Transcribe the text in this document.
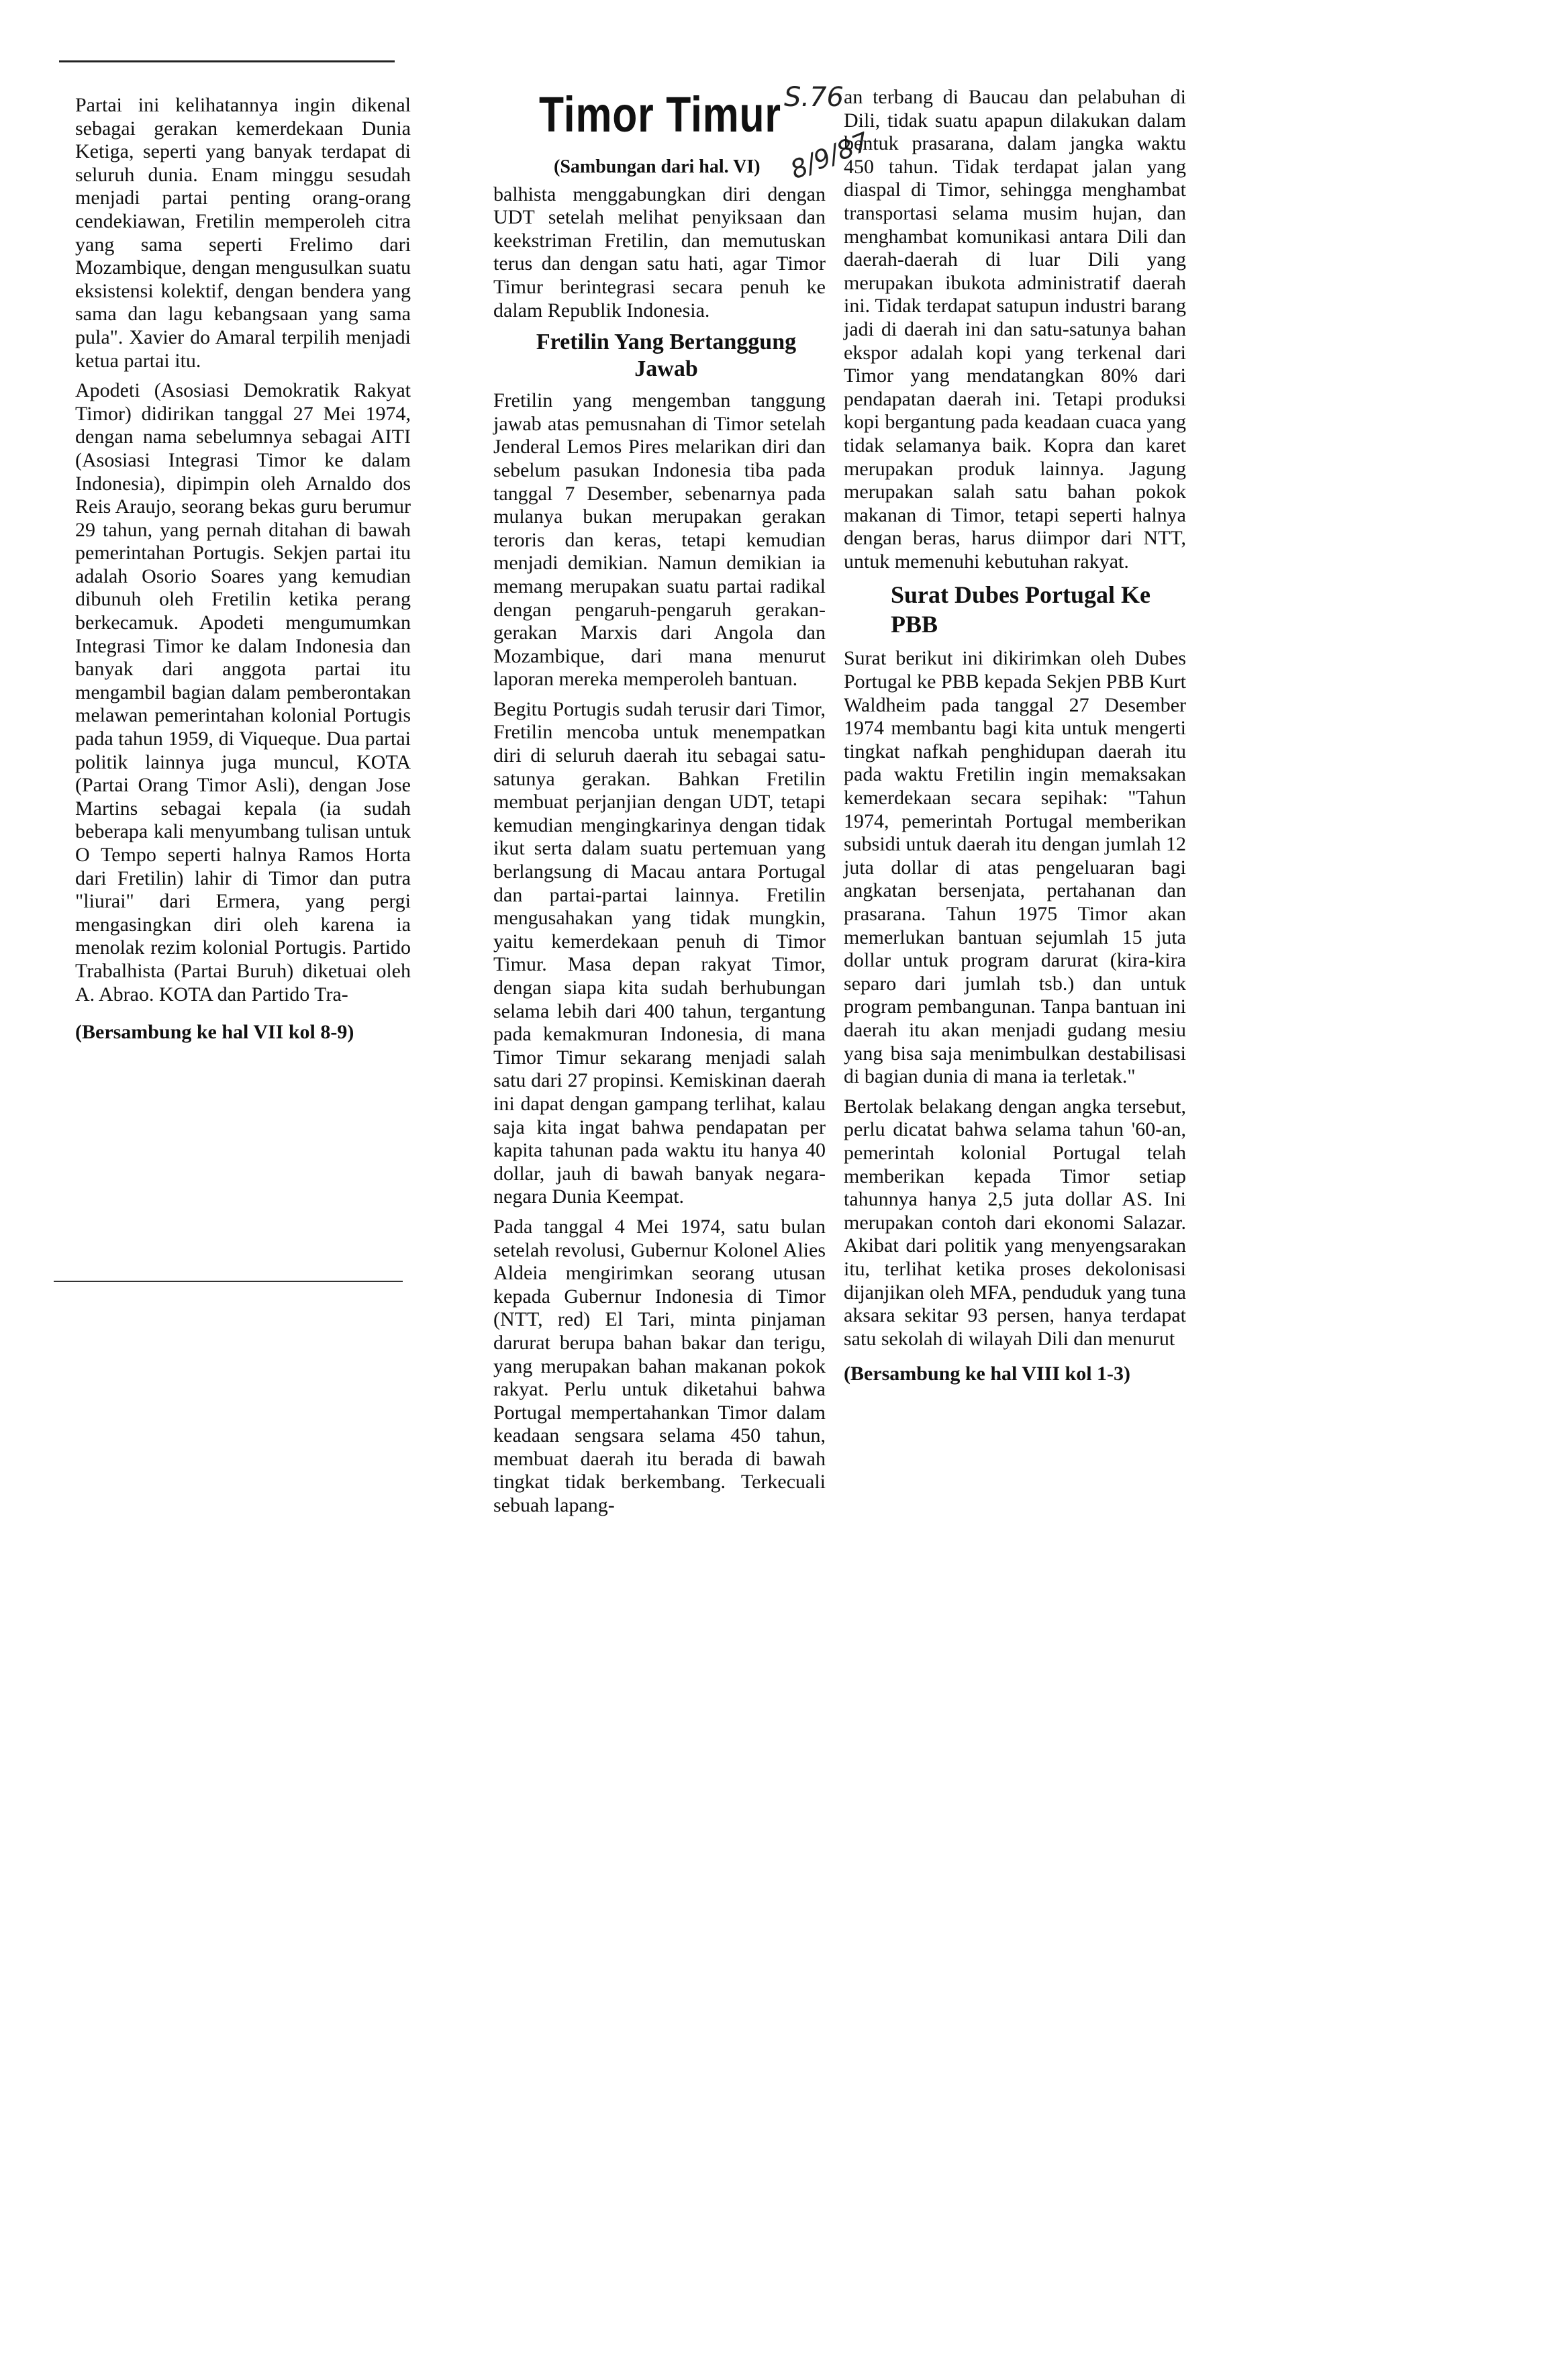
Partai ini kelihatannya ingin dikenal sebagai gerakan kemerdekaan Dunia Ketiga, seperti yang banyak terdapat di seluruh dunia. Enam minggu sesudah menjadi partai penting orang-orang cendekiawan, Fretilin memperoleh citra yang sama seperti Frelimo dari Mozambique, dengan mengusulkan suatu eksistensi kolektif, dengan bendera yang sama dan lagu kebangsaan yang sama pula". Xavier do Amaral terpilih menjadi ketua partai itu.

Apodeti (Asosiasi Demokratik Rakyat Timor) didirikan tanggal 27 Mei 1974, dengan nama sebelumnya sebagai AITI (Asosiasi Integrasi Timor ke dalam Indonesia), dipimpin oleh Arnaldo dos Reis Araujo, seorang bekas guru berumur 29 tahun, yang pernah ditahan di bawah pemerintahan Portugis. Sekjen partai itu adalah Osorio Soares yang kemudian dibunuh oleh Fretilin ketika perang berkecamuk. Apodeti mengumumkan Integrasi Timor ke dalam Indonesia dan banyak dari anggota partai itu mengambil bagian dalam pemberontakan melawan pemerintahan kolonial Portugis pada tahun 1959, di Viqueque. Dua partai politik lainnya juga muncul, KOTA (Partai Orang Timor Asli), dengan Jose Martins sebagai kepala (ia sudah beberapa kali menyumbang tulisan untuk O Tempo seperti halnya Ramos Horta dari Fretilin) lahir di Timor dan putra "liurai" dari Ermera, yang pergi mengasingkan diri oleh karena ia menolak rezim kolonial Portugis. Partido Trabalhista (Partai Buruh) diketuai oleh A. Abrao. KOTA dan Partido Tra-

(Bersambung ke hal VII kol 8-9)

Timor Timur S.76
8/9/87
(Sambungan dari hal. VI)

balhista menggabungkan diri dengan UDT setelah melihat penyiksaan dan keekstriman Fretilin, dan memutuskan terus dan dengan satu hati, agar Timor Timur berintegrasi secara penuh ke dalam Republik Indonesia.

Fretilin Yang Bertanggung Jawab

Fretilin yang mengemban tanggung jawab atas pemusnahan di Timor setelah Jenderal Lemos Pires melarikan diri dan sebelum pasukan Indonesia tiba pada tanggal 7 Desember, sebenarnya pada mulanya bukan merupakan gerakan teroris dan keras, tetapi kemudian menjadi demikian. Namun demikian ia memang merupakan suatu partai radikal dengan pengaruh-pengaruh gerakan-gerakan Marxis dari Angola dan Mozambique, dari mana menurut laporan mereka memperoleh bantuan.

Begitu Portugis sudah terusir dari Timor, Fretilin mencoba untuk menempatkan diri di seluruh daerah itu sebagai satu-satunya gerakan. Bahkan Fretilin membuat perjanjian dengan UDT, tetapi kemudian mengingkarinya dengan tidak ikut serta dalam suatu pertemuan yang berlangsung di Macau antara Portugal dan partai-partai lainnya. Fretilin mengusahakan yang tidak mungkin, yaitu kemerdekaan penuh di Timor Timur. Masa depan rakyat Timor, dengan siapa kita sudah berhubungan selama lebih dari 400 tahun, tergantung pada kemakmuran Indonesia, di mana Timor Timur sekarang menjadi salah satu dari 27 propinsi. Kemiskinan daerah ini dapat dengan gampang terlihat, kalau saja kita ingat bahwa pendapatan per kapita tahunan pada waktu itu hanya 40 dollar, jauh di bawah banyak negara-negara Dunia Keempat.

Pada tanggal 4 Mei 1974, satu bulan setelah revolusi, Gubernur Kolonel Alies Aldeia mengirimkan seorang utusan kepada Gubernur Indonesia di Timor (NTT, red) El Tari, minta pinjaman darurat berupa bahan bakar dan terigu, yang merupakan bahan makanan pokok rakyat. Perlu untuk diketahui bahwa Portugal mempertahankan Timor dalam keadaan sengsara selama 450 tahun, membuat daerah itu berada di bawah tingkat tidak berkembang. Terkecuali sebuah lapang-

an terbang di Baucau dan pelabuhan di Dili, tidak suatu apapun dilakukan dalam bentuk prasarana, dalam jangka waktu 450 tahun. Tidak terdapat jalan yang diaspal di Timor, sehingga menghambat transportasi selama musim hujan, dan menghambat komunikasi antara Dili dan daerah-daerah di luar Dili yang merupakan ibukota administratif daerah ini. Tidak terdapat satupun industri barang jadi di daerah ini dan satu-satunya bahan ekspor adalah kopi yang terkenal dari Timor yang mendatangkan 80% dari pendapatan daerah ini. Tetapi produksi kopi bergantung pada keadaan cuaca yang tidak selamanya baik. Kopra dan karet merupakan produk lainnya. Jagung merupakan salah satu bahan pokok makanan di Timor, tetapi seperti halnya dengan beras, harus diimpor dari NTT, untuk memenuhi kebutuhan rakyat.

Surat Dubes Portugal Ke PBB

Surat berikut ini dikirimkan oleh Dubes Portugal ke PBB kepada Sekjen PBB Kurt Waldheim pada tanggal 27 Desember 1974 membantu bagi kita untuk mengerti tingkat nafkah penghidupan daerah itu pada waktu Fretilin ingin memaksakan kemerdekaan secara sepihak: "Tahun 1974, pemerintah Portugal memberikan subsidi untuk daerah itu dengan jumlah 12 juta dollar di atas pengeluaran bagi angkatan bersenjata, pertahanan dan prasarana. Tahun 1975 Timor akan memerlukan bantuan sejumlah 15 juta dollar untuk program darurat (kira-kira separo dari jumlah tsb.) dan untuk program pembangunan. Tanpa bantuan ini daerah itu akan menjadi gudang mesiu yang bisa saja menimbulkan destabilisasi di bagian dunia di mana ia terletak."

Bertolak belakang dengan angka tersebut, perlu dicatat bahwa selama tahun '60-an, pemerintah kolonial Portugal telah memberikan kepada Timor setiap tahunnya hanya 2,5 juta dollar AS. Ini merupakan contoh dari ekonomi Salazar. Akibat dari politik yang menyengsarakan itu, terlihat ketika proses dekolonisasi dijanjikan oleh MFA, penduduk yang tuna aksara sekitar 93 persen, hanya terdapat satu sekolah di wilayah Dili dan menurut

(Bersambung ke hal VIII kol 1-3)
